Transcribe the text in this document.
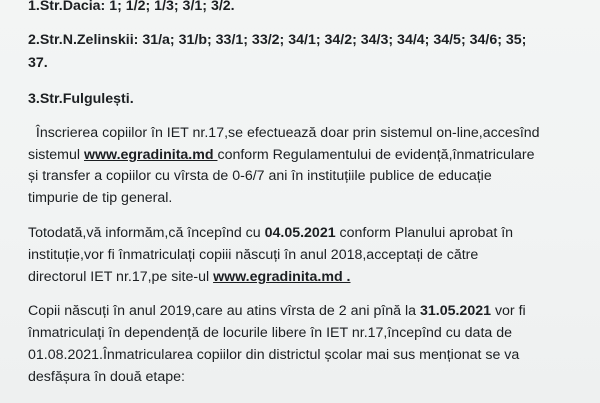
1.Str.Dacia: 1; 1/2; 1/3; 3/1; 3/2.
2.Str.N.Zelinskii: 31/a; 31/b; 33/1; 33/2; 34/1; 34/2; 34/3; 34/4; 34/5; 34/6; 35;
37.
3.Str.Fulgulești.
Înscrierea copiilor în IET nr.17,se efectuează doar prin sistemul on-line,accesînd
sistemul www.egradinita.md conform Regulamentului de evidență,înmatriculare
și transfer a copiilor cu vîrsta de 0-6/7 ani în instituțiile publice de educație
timpurie de tip general.
Totodată,vă informăm,că începînd cu 04.05.2021 conform Planului aprobat în
instituție,vor fi înmatriculați copiii născuți în anul 2018,acceptați de către
directorul IET nr.17,pe site-ul www.egradinita.md .
Copii născuți în anul 2019,care au atins vîrsta de 2 ani pînă la 31.05.2021 vor fi
înmatriculați în dependență de locurile libere în IET nr.17,începînd cu data de
01.08.2021.Înmatricularea copiilor din districtul școlar mai sus menționat se va
desfășura în două etape:
